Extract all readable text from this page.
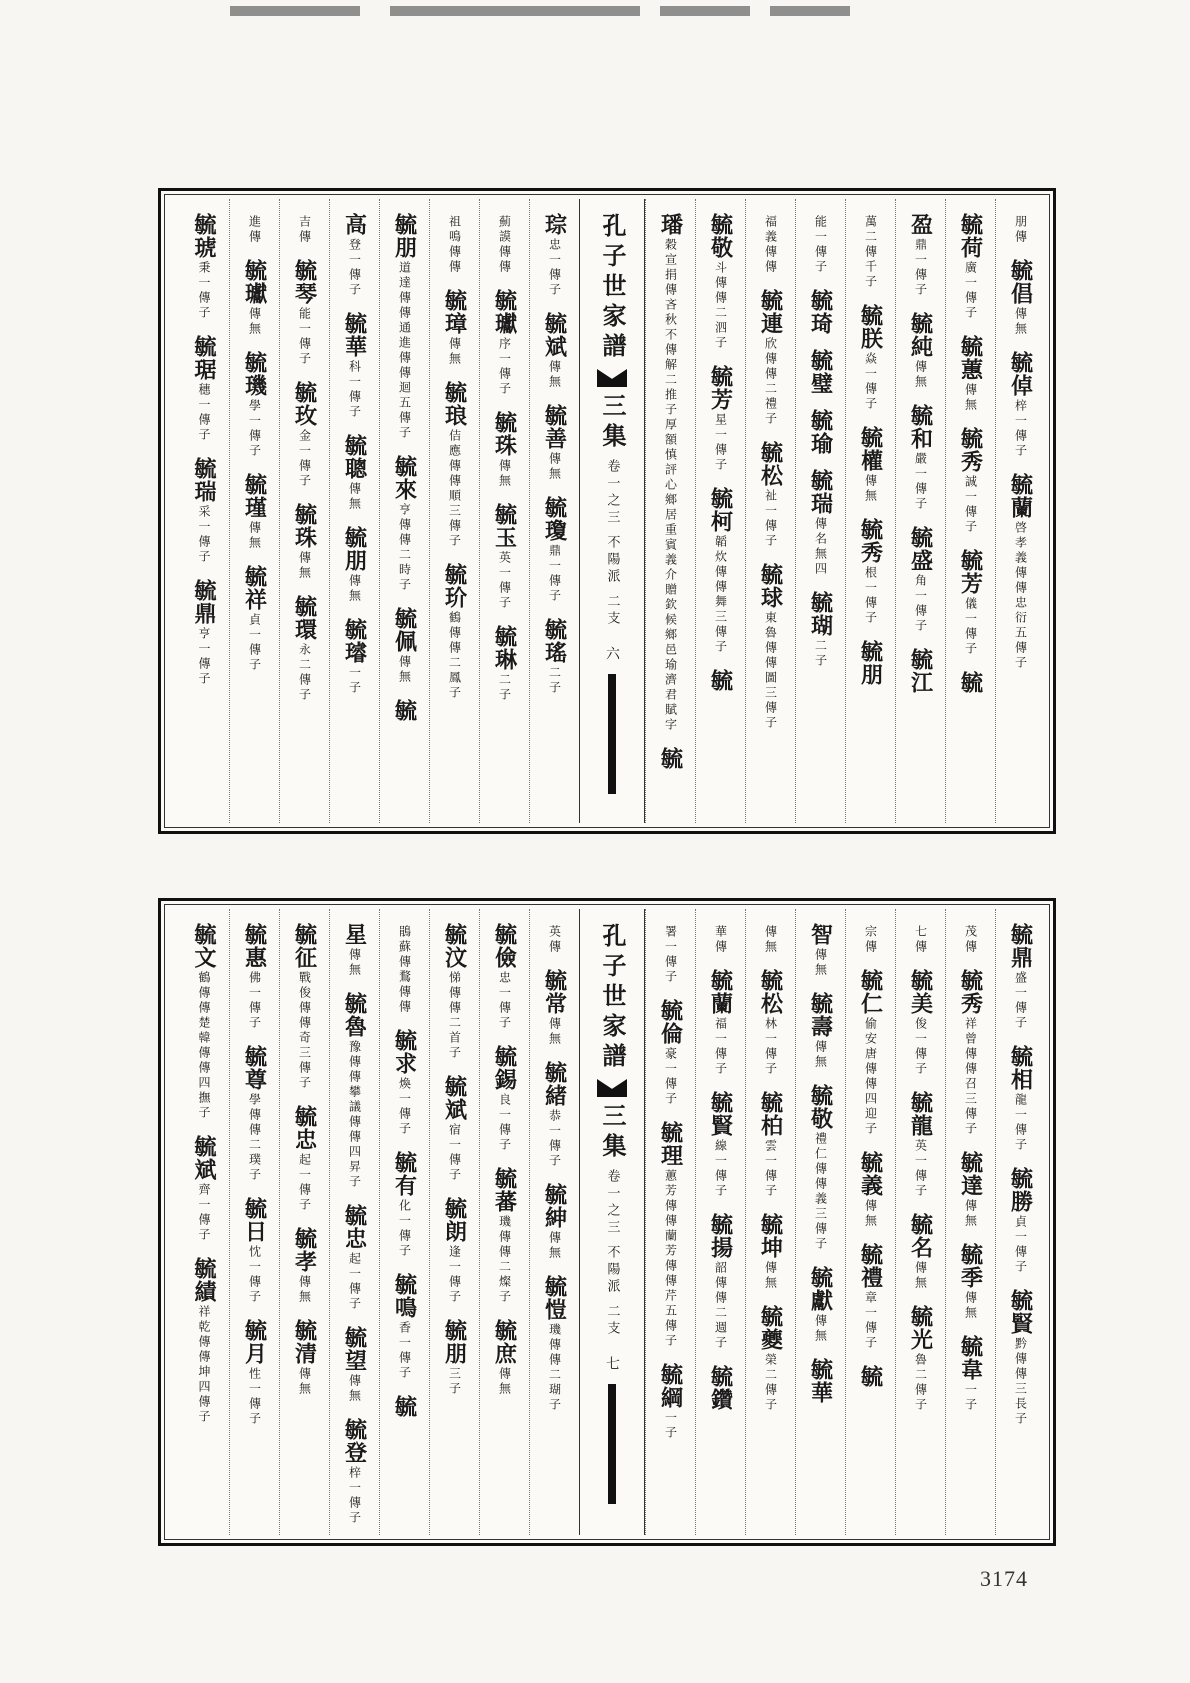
傳
朋
毓倡
傳無
毓倬
傳子
梓一
毓蘭
傳子
衍五
傳忠
義傳
啓孝
毓荷
傳子
廣一
毓蕙
傳無
毓秀
傳子
誠一
毓芳
傳子
儀一
毓
盈
傳子
鼎一
毓純
傳無
毓和
傳子
嚴一
毓盛
傳子
角一
毓江
千子
二傳
萬
毓朕
傳子
焱一
毓權
傳無
毓秀
傳子
根一
毓朋
傳子
能一
毓琦
毓璧
毓瑜
毓瑞
無四
傳名
毓瑚
二子
傳傳
福義
毓連
禮子
傳二
欣傳
毓松
傳子
祉一
毓球
傳子
圖三
傳傳
東魯
毓敬
泗子
傳二
斗傳
毓芳
傳子
星一
毓柯
傳子
舞三
傳傳
韜炊
毓
璠
賦字
濟君
邑瑜
候鄉
贈欽
義介
重賓
鄉居
評心
額慎
子厚
二推
傳解
秋不
傳吝
宣捐
穀
毓
孔子世家譜
三集
卷一之三 不陽派 二支
六
琮
傳子
忠一
毓斌
傳無
毓善
傳無
毓瓊
傳子
鼎一
毓瑤
二子
傳傳
薊謨
毓瓛
傳子
序一
毓珠
傳無
毓玉
傳子
英一
毓琳
二子
傳傳
祖鳴
毓璋
傳無
毓琅
傳子
順三
傳傳
佶應
毓玠
鳳子
傳二
鶴傳
毓朋
傳子
迴五
傳傳
通進
傳傳
道達
毓來
時子
傳二
亨傳
毓佩
傳無
毓
高
傳子
登一
毓華
傳子
科一
毓聰
傳無
毓朋
傳無
毓璿
一子
傳
吉
毓琴
傳子
能一
毓玫
傳子
金一
毓珠
傳無
毓環
傳子
永二
傳
進
毓瓛
傳無
毓璣
傳子
學一
毓瑾
傳無
毓祥
傳子
貞一
毓琥
傳子
秉一
毓琚
傳子
穗一
毓瑞
傳子
采一
毓鼎
傳子
亨一
毓鼎
傳子
盛一
毓相
傳子
龍一
毓勝
傳子
貞一
毓賢
長子
傳三
黔傳
傳
茂
毓秀
傳子
召三
傳傳
祥曾
毓達
傳無
毓季
傳無
毓韋
一子
傳
七
毓美
傳子
俊一
毓龍
傳子
英一
毓名
傳無
毓光
傳子
魯二
傳
宗
毓仁
迎子
傳四
唐傳
偷安
毓義
傳無
毓禮
傳子
章一
毓
智
傳無
毓壽
傳無
毓敬
傳子
義三
傳傳
禮仁
毓獻
傳無
毓華
無
傳
毓松
傳子
林一
毓柏
傳子
雲一
毓坤
傳無
毓夔
傳子
榮二
傳
華
毓蘭
傳子
福一
毓賢
傳子
線一
毓揚
週子
傳二
韶傳
毓鑽
傳子
署一
毓倫
傳子
豪一
毓理
傳子
芹五
傳傳
蘭芳
傳傳
蕙芳
毓綱
一子
孔子世家譜
三集
卷一之三 不陽派 二支
七
傳
英
毓常
傳無
毓緒
傳子
恭一
毓紳
傳無
毓愷
瑚子
傳二
璣傳
毓儉
傳子
忠一
毓錫
傳子
良一
毓蕃
燦子
傳二
璣傳
毓庶
傳無
毓汶
首子
傳二
悌傳
毓斌
傳子
宿一
毓朗
傳子
逢一
毓朋
三子
傳傳
傳鶩
鵑蘇
毓求
傳子
煥一
毓有
傳子
化一
毓鳴
傳子
香一
毓
星
傳無
毓魯
昇子
傳四
議傳
傳攀
豫傳
毓忠
傳子
起一
毓望
傳無
毓登
傳子
梓一
毓征
傳子
奇三
傳傳
戰俊
毓忠
傳子
起一
毓孝
傳無
毓清
傳無
毓惠
傳子
佛一
毓尊
璞子
傳二
學傳
毓日
傳子
忱一
毓月
傳子
性一
毓文
撫子
傳四
韓傳
傳楚
鶴傳
毓斌
傳子
齊一
毓績
傳子
坤四
傳傳
祥乾
3174
